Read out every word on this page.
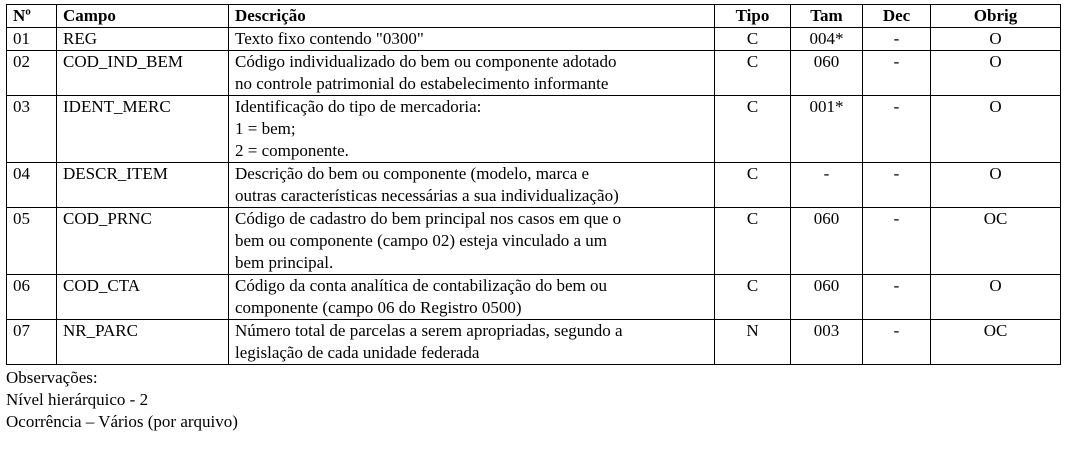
Nº	Campo	Descrição	Tipo	Tam	Dec	Obrig
01	REG	Texto fixo contendo "0300"	C	004*	-	O
02	COD_IND_BEM	Código individualizado do bem ou componente adotado
no controle patrimonial do estabelecimento informante	C	060	-	O
03	IDENT_MERC	Identificação do tipo de mercadoria:
1 = bem;
2 = componente.	C	001*	-	O
04	DESCR_ITEM	Descrição do bem ou componente (modelo, marca e
outras características necessárias a sua individualização)	C	-	-	O
05	COD_PRNC	Código de cadastro do bem principal nos casos em que o
bem ou componente (campo 02) esteja vinculado a um
bem principal.	C	060	-	OC
06	COD_CTA	Código da conta analítica de contabilização do bem ou
componente (campo 06 do Registro 0500)	C	060	-	O
07	NR_PARC	Número total de parcelas a serem apropriadas, segundo a
legislação de cada unidade federada	N	003	-	OC
Observações:
Nível hierárquico - 2
Ocorrência – Vários (por arquivo)
